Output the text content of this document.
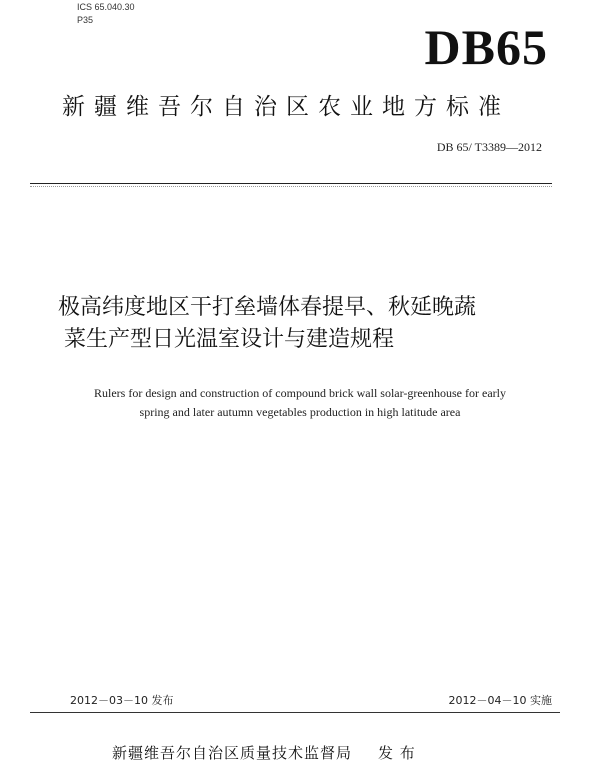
ICS 65.040.30
P35	DB65
新疆维吾尔自治区农业地方标准
DB 65/ T3389—2012
极高纬度地区干打垒墙体春提早、秋延晚蔬
菜生产型日光温室设计与建造规程
Rulers for design and construction of compound brick wall solar-greenhouse for early
spring and later autumn vegetables production in high latitude area
2012－03－10 发布	2012－04－10 实施
新疆维吾尔自治区质量技术监督局 发 布
